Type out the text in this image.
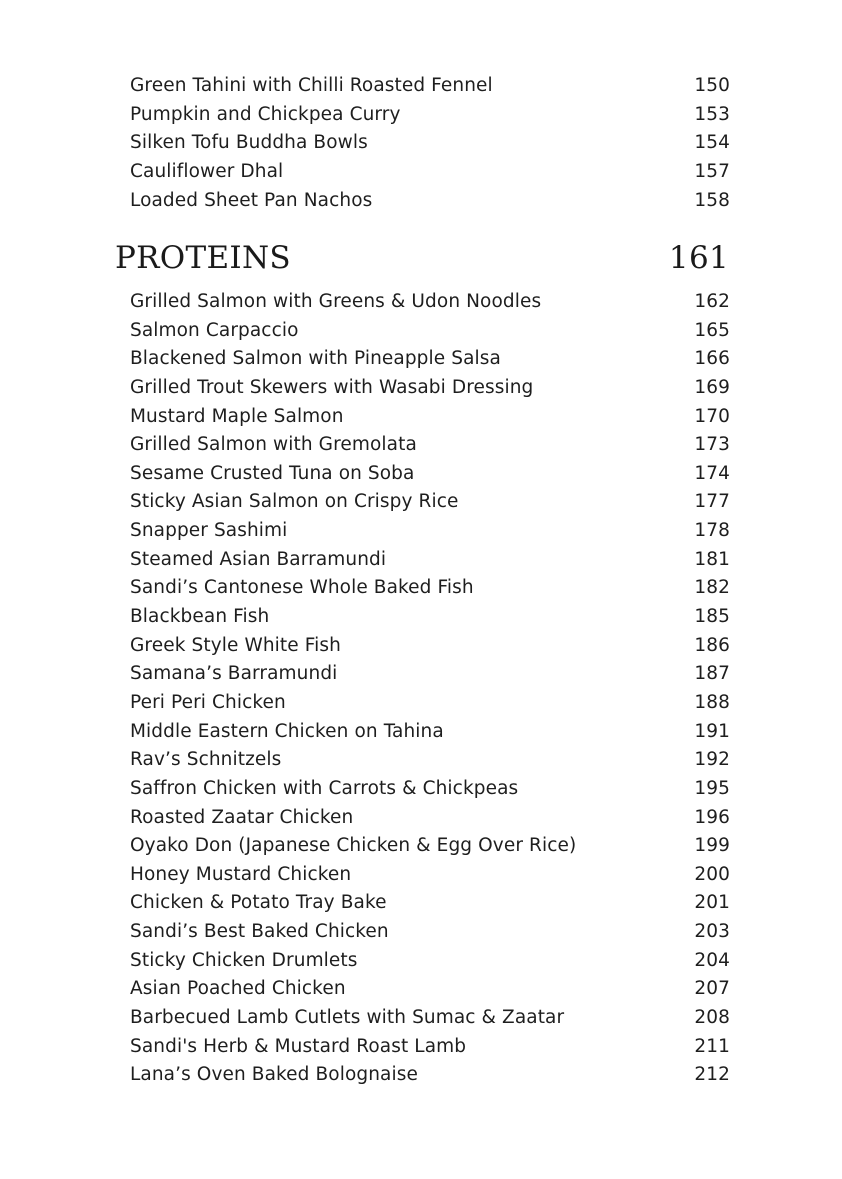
Green Tahini with Chilli Roasted Fennel	150
Pumpkin and Chickpea Curry	153
Silken Tofu Buddha Bowls	154
Cauliflower Dhal	157
Loaded Sheet Pan Nachos	158
PROTEINS	161
Grilled Salmon with Greens & Udon Noodles	162
Salmon Carpaccio	165
Blackened Salmon with Pineapple Salsa	166
Grilled Trout Skewers with Wasabi Dressing	169
Mustard Maple Salmon	170
Grilled Salmon with Gremolata	173
Sesame Crusted Tuna on Soba	174
Sticky Asian Salmon on Crispy Rice	177
Snapper Sashimi	178
Steamed Asian Barramundi	181
Sandi’s Cantonese Whole Baked Fish	182
Blackbean Fish	185
Greek Style White Fish	186
Samana’s Barramundi	187
Peri Peri Chicken	188
Middle Eastern Chicken on Tahina	191
Rav’s Schnitzels	192
Saffron Chicken with Carrots & Chickpeas	195
Roasted Zaatar Chicken	196
Oyako Don (Japanese Chicken & Egg Over Rice)	199
Honey Mustard Chicken	200
Chicken & Potato Tray Bake	201
Sandi’s Best Baked Chicken	203
Sticky Chicken Drumlets	204
Asian Poached Chicken	207
Barbecued Lamb Cutlets with Sumac & Zaatar	208
Sandi's Herb & Mustard Roast Lamb	211
Lana’s Oven Baked Bolognaise	212
